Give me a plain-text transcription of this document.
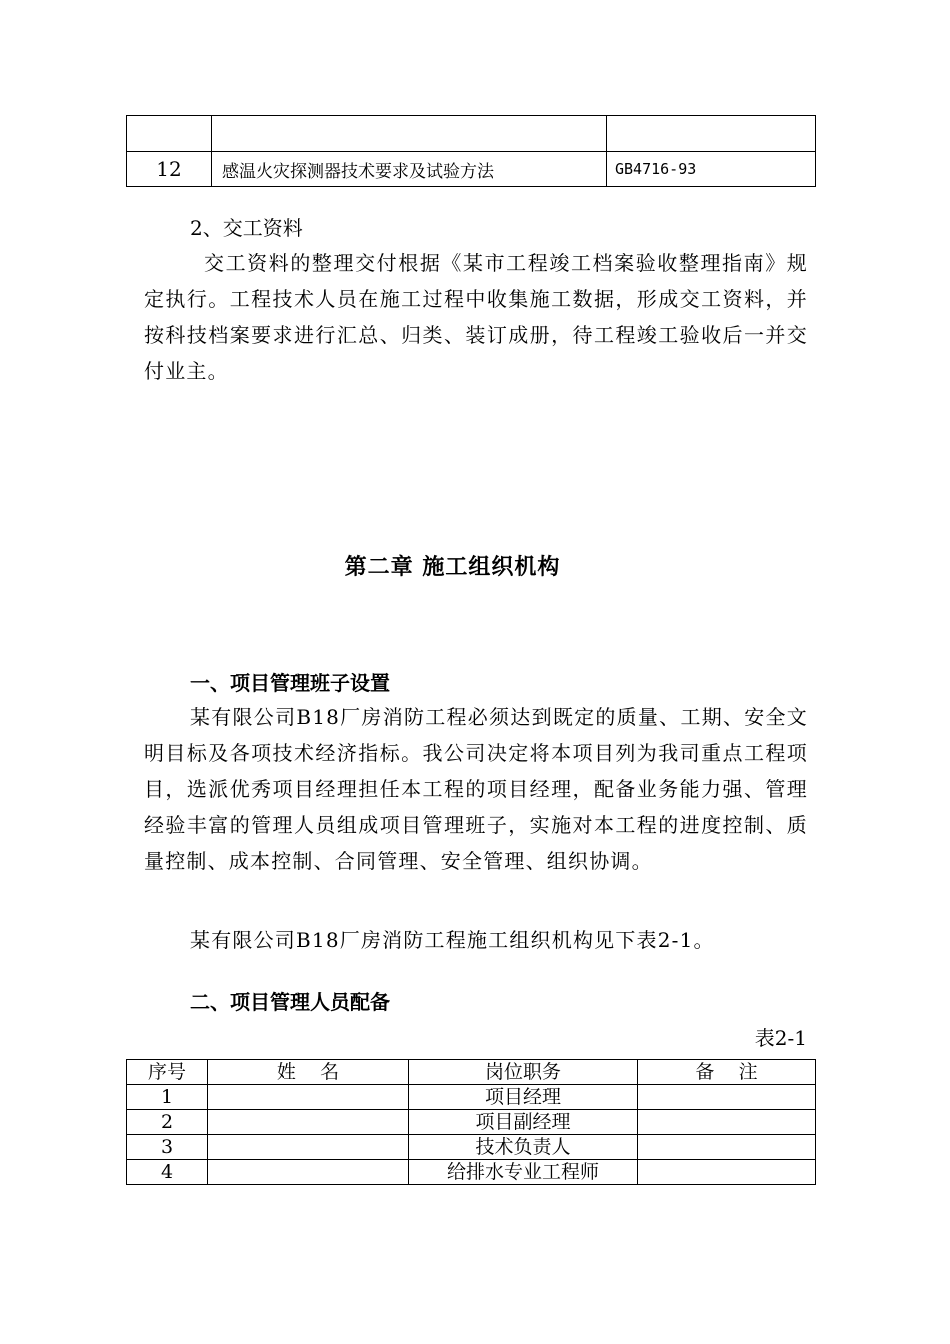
12	感温火灾探测器技术要求及试验方法	GB4716-93
2、交工资料
交工资料的整理交付根据《某市工程竣工档案验收整理指南》规定执行。工程技术人员在施工过程中收集施工数据，形成交工资料，并按科技档案要求进行汇总、归类、装订成册，待工程竣工验收后一并交付业主。
第二章 施工组织机构
一、项目管理班子设置
某有限公司B18厂房消防工程必须达到既定的质量、工期、安全文明目标及各项技术经济指标。我公司决定将本项目列为我司重点工程项目，选派优秀项目经理担任本工程的项目经理，配备业务能力强、管理经验丰富的管理人员组成项目管理班子，实施对本工程的进度控制、质量控制、成本控制、合同管理、安全管理、组织协调。
某有限公司B18厂房消防工程施工组织机构见下表2-1。
二、项目管理人员配备
表2-1
序号	姓    名	岗位职务	备    注
1		项目经理	
2		项目副经理	
3		技术负责人	
4		给排水专业工程师	
